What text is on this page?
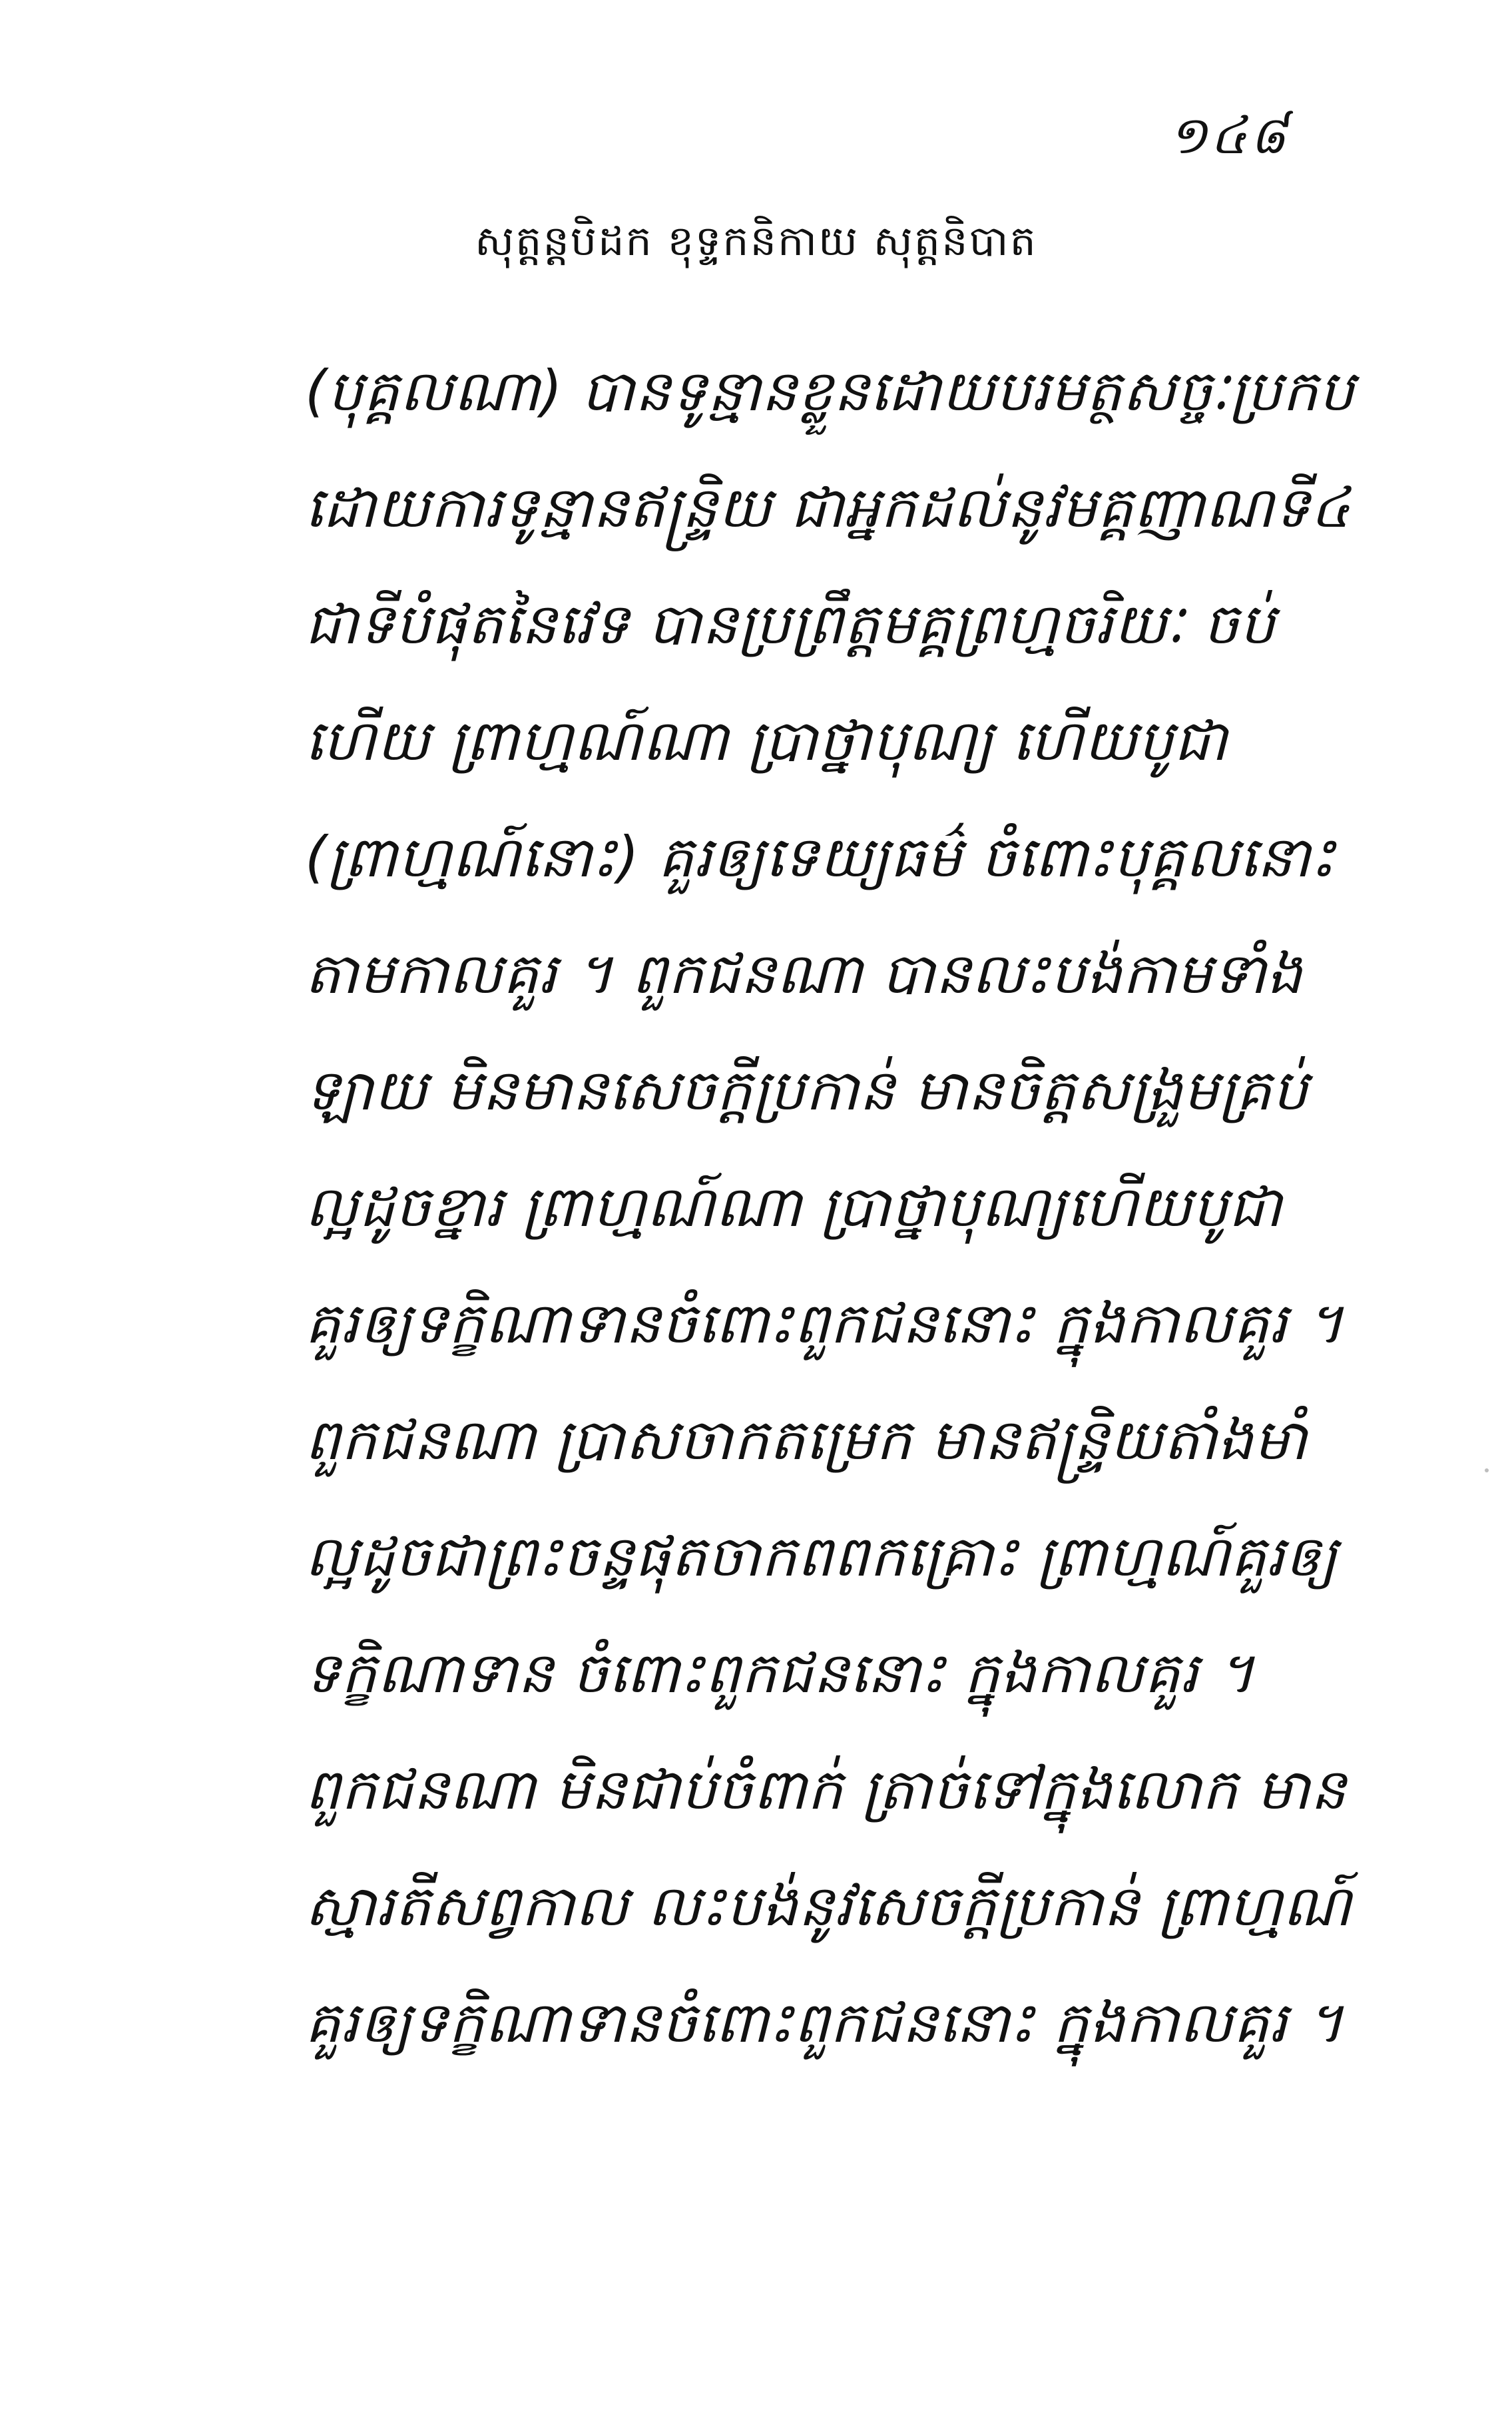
១៤៨
សុត្តន្តបិដក ខុទ្ទកនិកាយ សុត្តនិបាត
(បុគ្គលណា) បានទូន្មានខ្លួនដោយបរមត្ថសច្ចៈប្រកប
ដោយការទូន្មានឥន្ទ្រិយ ជាអ្នកដល់នូវមគ្គញាណទី៤
ជាទីបំផុតនៃវេទ បានប្រព្រឹត្តមគ្គព្រហ្មចរិយៈ ចប់
ហើយ ព្រាហ្មណ៍ណា ប្រាថ្នាបុណ្យ ហើយបូជា
(ព្រាហ្មណ៍នោះ) គួរឲ្យទេយ្យធម៌ ចំពោះបុគ្គលនោះ
តាមកាលគួរ ។ ពួកជនណា បានលះបង់កាមទាំង
ឡាយ មិនមានសេចក្តីប្រកាន់ មានចិត្តសង្រួមគ្រប់
ល្អដូចខ្នារ ព្រាហ្មណ៍ណា ប្រាថ្នាបុណ្យហើយបូជា
គួរឲ្យទក្ខិណាទានចំពោះពួកជននោះ ក្នុងកាលគួរ ។
ពួកជនណា ប្រាសចាកតម្រេក មានឥន្ទ្រិយតាំងមាំ
ល្អដូចជាព្រះចន្ទផុតចាកពពកគ្រោះ ព្រាហ្មណ៍គួរឲ្យ
ទក្ខិណាទាន ចំពោះពួកជននោះ ក្នុងកាលគួរ ។
ពួកជនណា មិនជាប់ចំពាក់ ត្រាច់ទៅក្នុងលោក មាន
ស្មារតីសព្វកាល លះបង់នូវសេចក្តីប្រកាន់ ព្រាហ្មណ៍
គួរឲ្យទក្ខិណាទានចំពោះពួកជននោះ ក្នុងកាលគួរ ។
